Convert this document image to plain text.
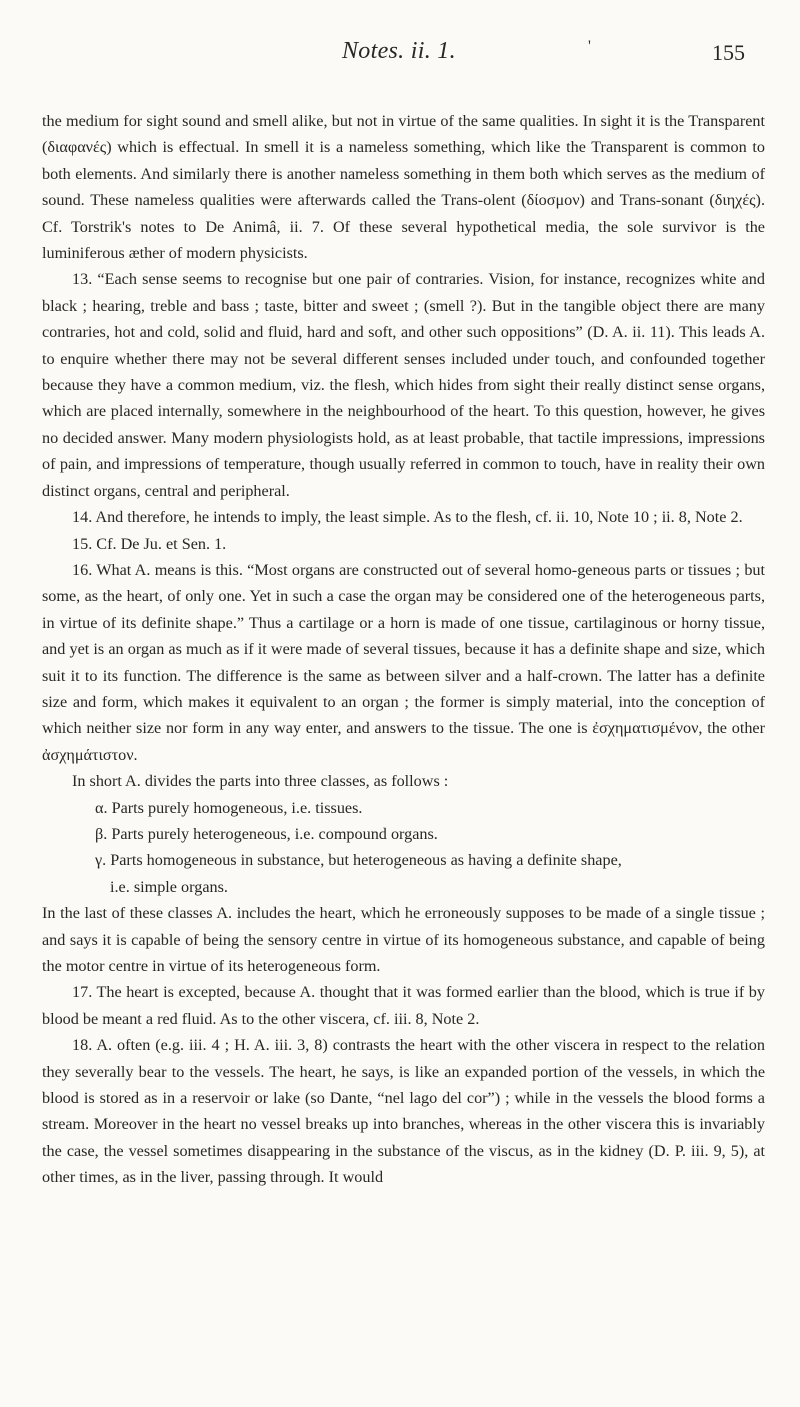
Notes. ii. 1.	'	155

the medium for sight sound and smell alike, but not in virtue of the same qualities. In sight it is the Transparent (διαφανές) which is effectual. In smell it is a nameless something, which like the Transparent is common to both elements. And similarly there is another nameless something in them both which serves as the medium of sound. These nameless qualities were afterwards called the Trans-olent (δίοσμον) and Trans-sonant (διηχές). Cf. Torstrik's notes to De Animâ, ii. 7. Of these several hypothetical media, the sole survivor is the luminiferous æther of modern physicists.

13. “Each sense seems to recognise but one pair of contraries. Vision, for instance, recognizes white and black ; hearing, treble and bass ; taste, bitter and sweet ; (smell ?). But in the tangible object there are many contraries, hot and cold, solid and fluid, hard and soft, and other such oppositions” (D. A. ii. 11). This leads A. to enquire whether there may not be several different senses included under touch, and confounded together because they have a common medium, viz. the flesh, which hides from sight their really distinct sense organs, which are placed internally, somewhere in the neighbourhood of the heart. To this question, however, he gives no decided answer. Many modern physiologists hold, as at least probable, that tactile impressions, impressions of pain, and impressions of temperature, though usually referred in common to touch, have in reality their own distinct organs, central and peripheral.

14. And therefore, he intends to imply, the least simple. As to the flesh, cf. ii. 10, Note 10 ; ii. 8, Note 2.

15. Cf. De Ju. et Sen. 1.

16. What A. means is this. “Most organs are constructed out of several homo-geneous parts or tissues ; but some, as the heart, of only one. Yet in such a case the organ may be considered one of the heterogeneous parts, in virtue of its definite shape.” Thus a cartilage or a horn is made of one tissue, cartilaginous or horny tissue, and yet is an organ as much as if it were made of several tissues, because it has a definite shape and size, which suit it to its function. The difference is the same as between silver and a half-crown. The latter has a definite size and form, which makes it equivalent to an organ ; the former is simply material, into the conception of which neither size nor form in any way enter, and answers to the tissue. The one is ἐσχηματισμένον, the other ἀσχημάτιστον.

In short A. divides the parts into three classes, as follows :

α. Parts purely homogeneous, i.e. tissues.

β. Parts purely heterogeneous, i.e. compound organs.

γ. Parts homogeneous in substance, but heterogeneous as having a definite shape,

i.e. simple organs.

In the last of these classes A. includes the heart, which he erroneously supposes to be made of a single tissue ; and says it is capable of being the sensory centre in virtue of its homogeneous substance, and capable of being the motor centre in virtue of its heterogeneous form.

17. The heart is excepted, because A. thought that it was formed earlier than the blood, which is true if by blood be meant a red fluid. As to the other viscera, cf. iii. 8, Note 2.

18. A. often (e.g. iii. 4 ; H. A. iii. 3, 8) contrasts the heart with the other viscera in respect to the relation they severally bear to the vessels. The heart, he says, is like an expanded portion of the vessels, in which the blood is stored as in a reservoir or lake (so Dante, “nel lago del cor”) ; while in the vessels the blood forms a stream. Moreover in the heart no vessel breaks up into branches, whereas in the other viscera this is invariably the case, the vessel sometimes disappearing in the substance of the viscus, as in the kidney (D. P. iii. 9, 5), at other times, as in the liver, passing through. It would
